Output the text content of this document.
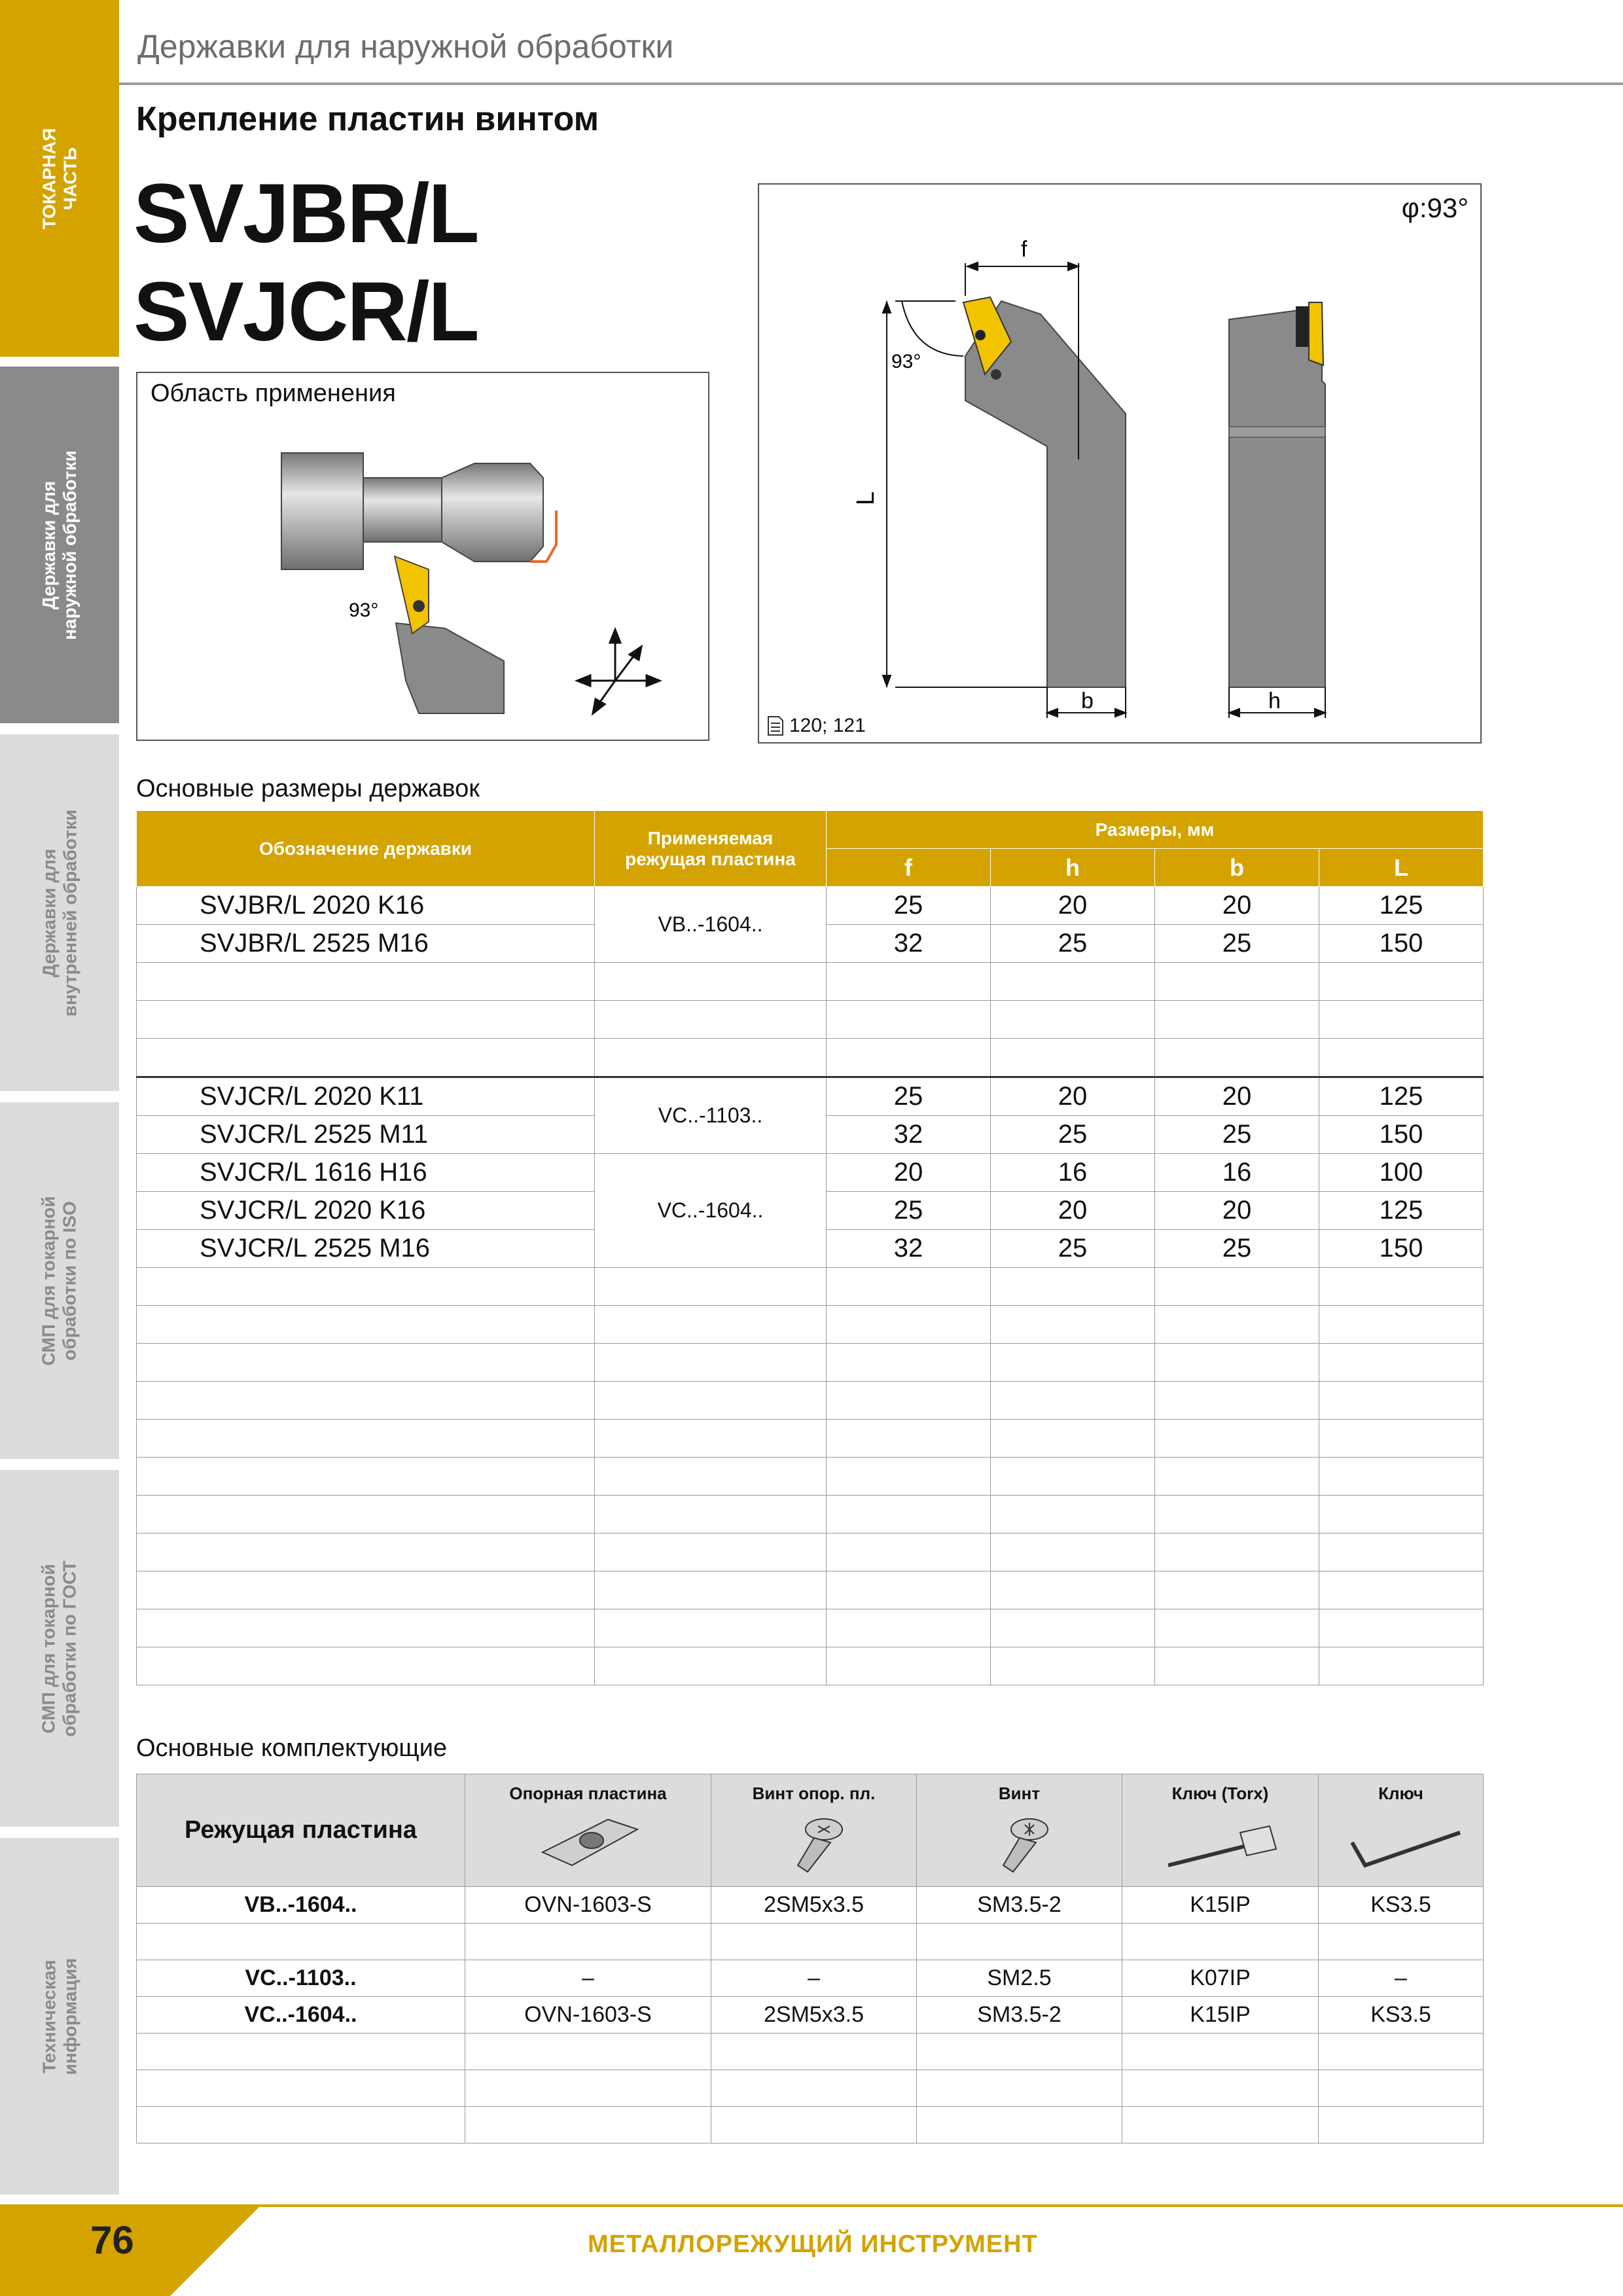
ТОКАРНАЯ
ЧАСТЬ
Державки для
наружной обработки
Державки для
внутренней обработки
СМП для токарной
обработки по ISO
СМП для токарной
обработки по ГОСТ
Техническая
информация
Державки для наружной обработки
Крепление пластин винтом
SVJBR/L
SVJCR/L
Область применения
93°
φ:93°
f
L
b	h
93°
120; 121
Основные размеры державок
Обозначение державки	Применяемая
режущая пластина	Размеры, мм			
		f	h	b	L
SVJBR/L 2020 K16	VB..-1604..	25	20	20	125
SVJBR/L 2525 M16		32	25	25	150

SVJCR/L 2020 K11	VC..-1103..	25	20	20	125
SVJCR/L 2525 M11		32	25	25	150
SVJCR/L 1616 H16	VC..-1604..	20	16	16	100
SVJCR/L 2020 K16		25	20	20	125
SVJCR/L 2525 M16		32	25	25	150

Основные комплектующие
Режущая пластина	Опорная пластина	Винт опор. пл.	Винт	Ключ (Torx)	Ключ

VB..-1604..	OVN-1603-S	2SM5x3.5	SM3.5-2	K15IP	KS3.5

VC..-1103..	–	–	SM2.5	K07IP	–
VC..-1604..	OVN-1603-S	2SM5x3.5	SM3.5-2	K15IP	KS3.5

76	МЕТАЛЛОРЕЖУЩИЙ ИНСТРУМЕНТ
